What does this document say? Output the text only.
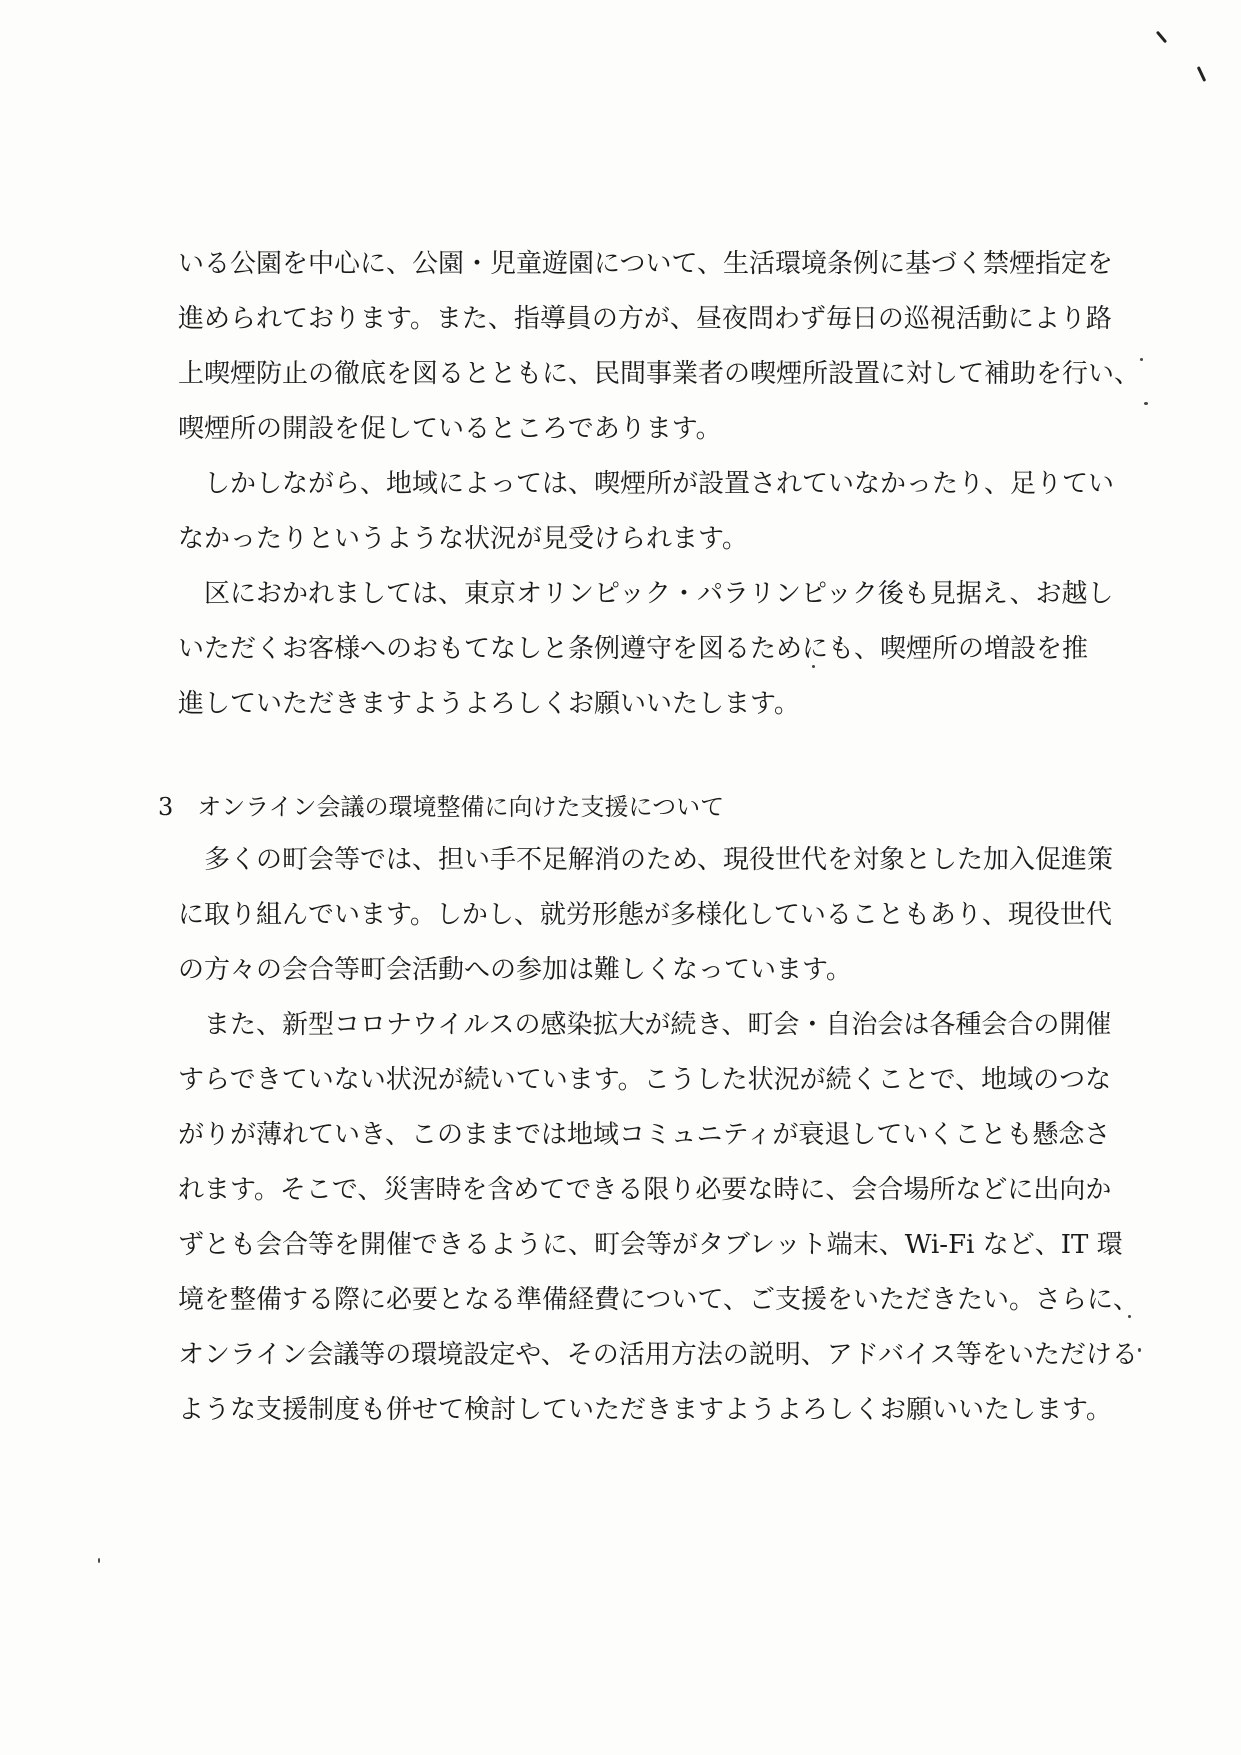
いる公園を中心に、公園・児童遊園について、生活環境条例に基づく禁煙指定を
進められております。また、指導員の方が、昼夜問わず毎日の巡視活動により路
上喫煙防止の徹底を図るとともに、民間事業者の喫煙所設置に対して補助を行い、
喫煙所の開設を促しているところであります。
　しかしながら、地域によっては、喫煙所が設置されていなかったり、足りてい
なかったりというような状況が見受けられます。
　区におかれましては、東京オリンピック・パラリンピック後も見据え、お越し
いただくお客様へのおもてなしと条例遵守を図るためにも、喫煙所の増設を推
進していただきますようよろしくお願いいたします。
3　オンライン会議の環境整備に向けた支援について
　多くの町会等では、担い手不足解消のため、現役世代を対象とした加入促進策
に取り組んでいます。しかし、就労形態が多様化していることもあり、現役世代
の方々の会合等町会活動への参加は難しくなっています。
　また、新型コロナウイルスの感染拡大が続き、町会・自治会は各種会合の開催
すらできていない状況が続いています。こうした状況が続くことで、地域のつな
がりが薄れていき、このままでは地域コミュニティが衰退していくことも懸念さ
れます。そこで、災害時を含めてできる限り必要な時に、会合場所などに出向か
ずとも会合等を開催できるように、町会等がタブレット端末、Wi-Fi など、IT 環
境を整備する際に必要となる準備経費について、ご支援をいただきたい。さらに、
オンライン会議等の環境設定や、その活用方法の説明、アドバイス等をいただける
ような支援制度も併せて検討していただきますようよろしくお願いいたします。
